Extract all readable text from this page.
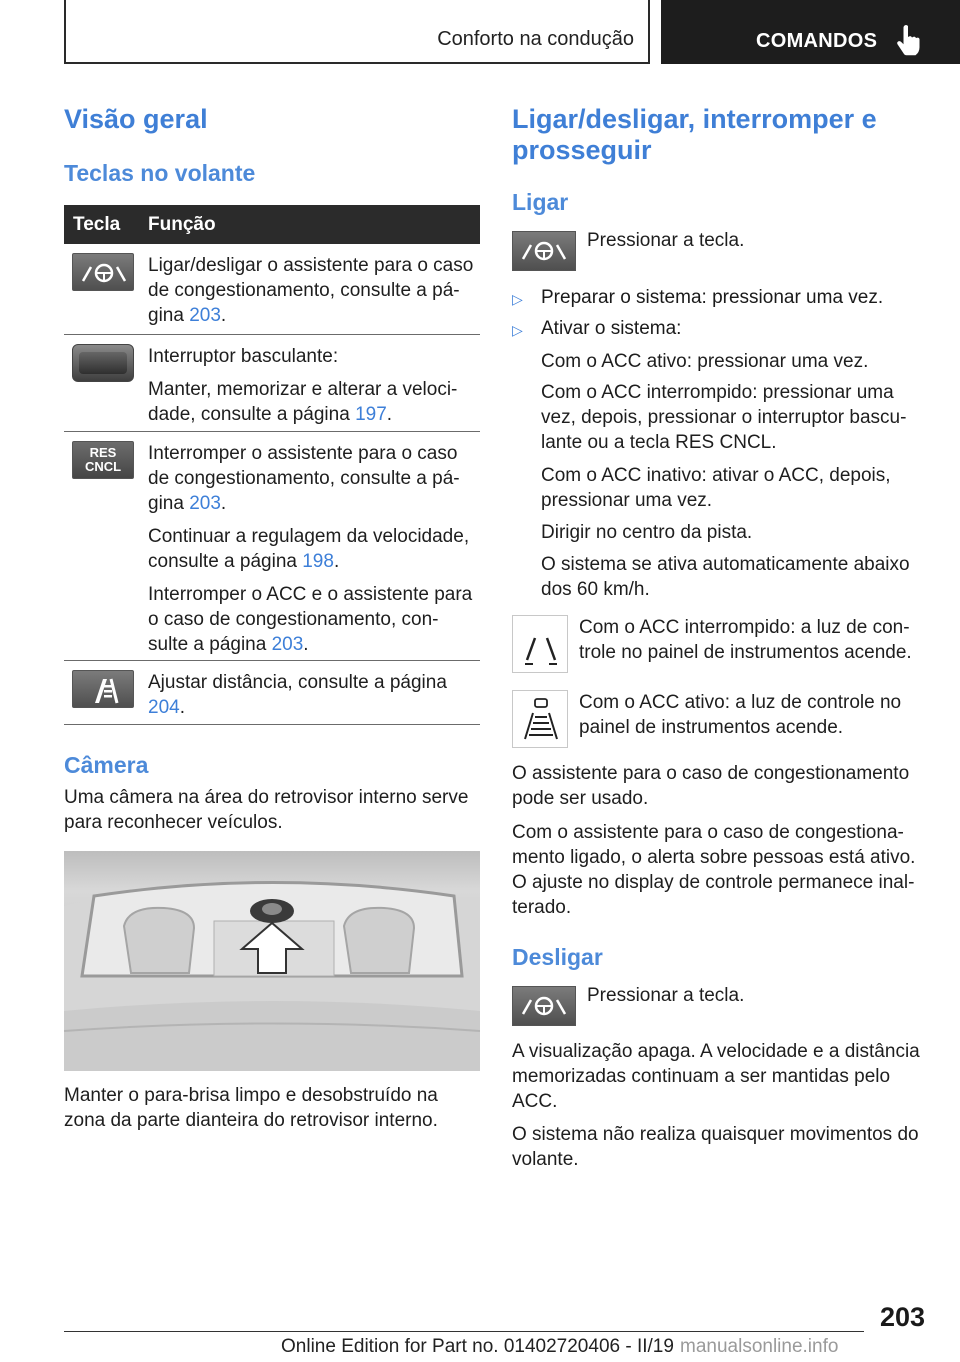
Conforto na condução	COMANDOS
Visão geral
Teclas no volante
Tecla Função
Ligar/desligar o assistente para o caso de congestionamento, consulte a pá-gina 203.

Interruptor basculante:

Manter, memorizar e alterar a veloci-dade, consulte a página 197.

RES
CNCL

Interromper o assistente para o caso de congestionamento, consulte a pá-gina 203.

Continuar a regulagem da velocidade, consulte a página 198.

Interromper o ACC e o assistente para o caso de congestionamento, con-sulte a página 203.

Ajustar distância, consulte a página 204.
Câmera
Uma câmera na área do retrovisor interno serve para reconhecer veículos.
Manter o para-brisa limpo e desobstruído na zona da parte dianteira do retrovisor interno.
Ligar/desligar, interromper e prosseguir
Ligar
Pressionar a tecla.
▷ Preparar o sistema: pressionar uma vez.
▷ Ativar o sistema:
Com o ACC ativo: pressionar uma vez.
Com o ACC interrompido: pressionar uma vez, depois, pressionar o interruptor bascu-lante ou a tecla RES CNCL.
Com o ACC inativo: ativar o ACC, depois, pressionar uma vez.
Dirigir no centro da pista.
O sistema se ativa automaticamente abaixo dos 60 km/h.
Com o ACC interrompido: a luz de con-trole no painel de instrumentos acende.
Com o ACC ativo: a luz de controle no painel de instrumentos acende.
O assistente para o caso de congestionamento pode ser usado.
Com o assistente para o caso de congestiona-mento ligado, o alerta sobre pessoas está ativo. O ajuste no display de controle permanece inal-terado.
Desligar
Pressionar a tecla.
A visualização apaga. A velocidade e a distância memorizadas continuam a ser mantidas pelo ACC.
O sistema não realiza quaisquer movimentos do volante.
203
Online Edition for Part no. 01402720406 - II/19 manualsonline.info
